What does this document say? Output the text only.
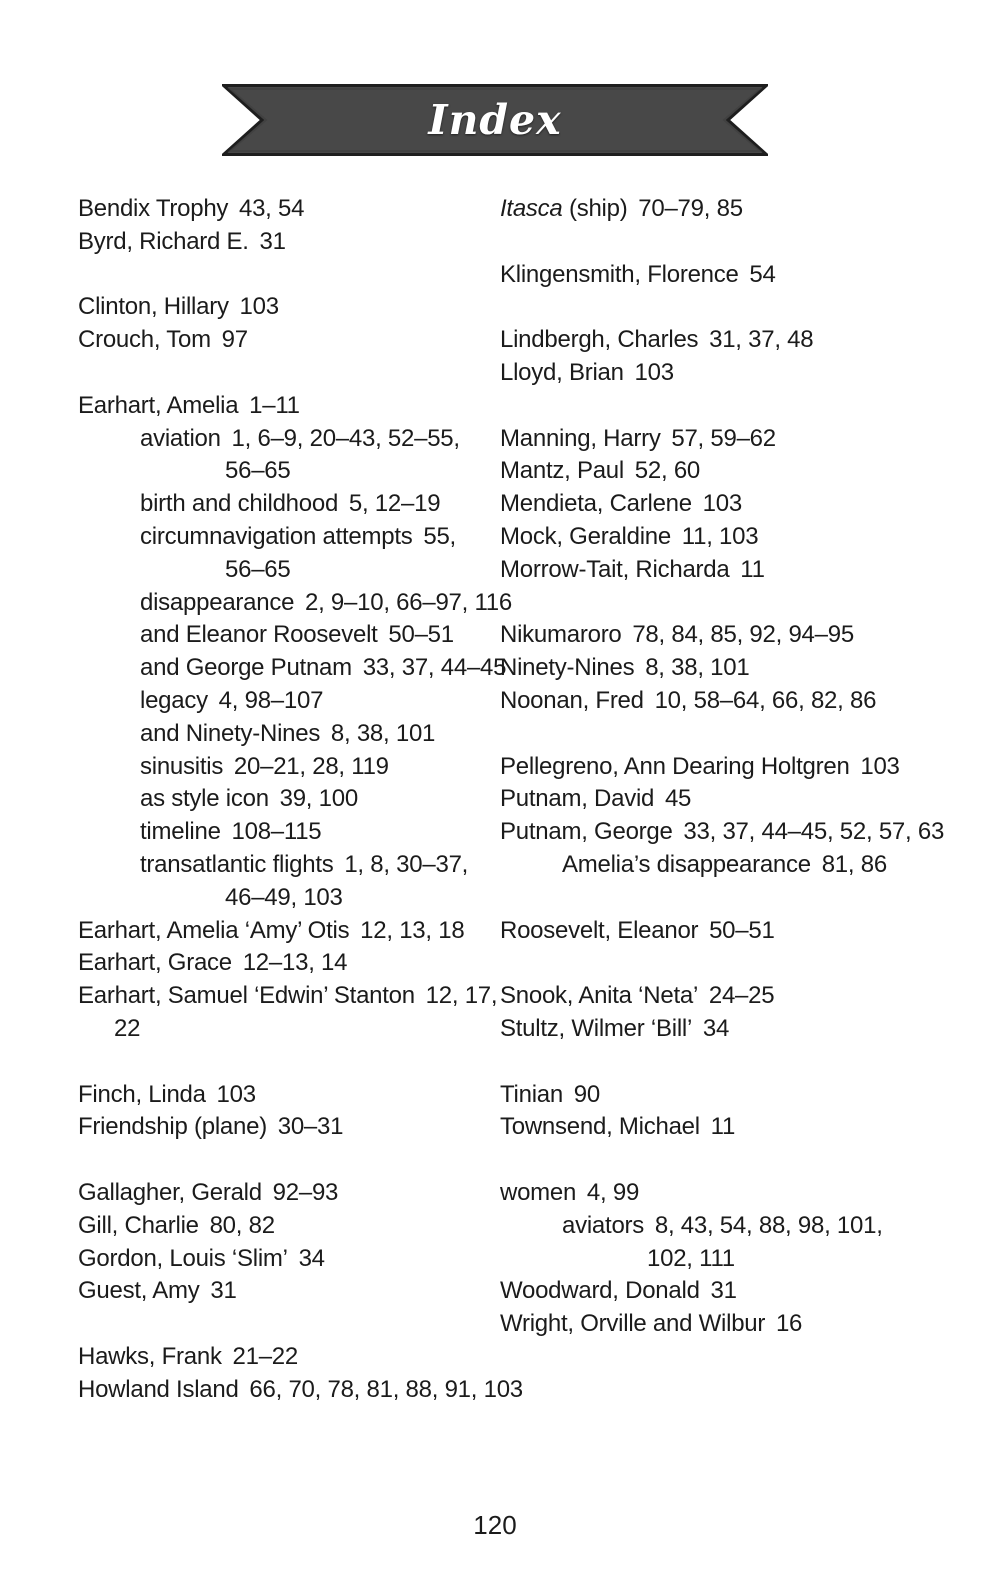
Index
Bendix Trophy 43, 54
Byrd, Richard E. 31

Clinton, Hillary 103
Crouch, Tom 97

Earhart, Amelia 1–11
aviation 1, 6–9, 20–43, 52–55,
56–65
birth and childhood 5, 12–19
circumnavigation attempts 55,
56–65
disappearance 2, 9–10, 66–97, 116
and Eleanor Roosevelt 50–51
and George Putnam 33, 37, 44–45
legacy 4, 98–107
and Ninety-Nines 8, 38, 101
sinusitis 20–21, 28, 119
as style icon 39, 100
timeline 108–115
transatlantic flights 1, 8, 30–37,
46–49, 103
Earhart, Amelia ‘Amy’ Otis 12, 13, 18
Earhart, Grace 12–13, 14
Earhart, Samuel ‘Edwin’ Stanton 12, 17,
22

Finch, Linda 103
Friendship (plane) 30–31

Gallagher, Gerald 92–93
Gill, Charlie 80, 82
Gordon, Louis ‘Slim’ 34
Guest, Amy 31

Hawks, Frank 21–22
Howland Island 66, 70, 78, 81, 88, 91, 103
Itasca (ship) 70–79, 85

Klingensmith, Florence 54

Lindbergh, Charles 31, 37, 48
Lloyd, Brian 103

Manning, Harry 57, 59–62
Mantz, Paul 52, 60
Mendieta, Carlene 103
Mock, Geraldine 11, 103
Morrow-Tait, Richarda 11

Nikumaroro 78, 84, 85, 92, 94–95
Ninety-Nines 8, 38, 101
Noonan, Fred 10, 58–64, 66, 82, 86

Pellegreno, Ann Dearing Holtgren 103
Putnam, David 45
Putnam, George 33, 37, 44–45, 52, 57, 63
Amelia’s disappearance 81, 86

Roosevelt, Eleanor 50–51

Snook, Anita ‘Neta’ 24–25
Stultz, Wilmer ‘Bill’ 34

Tinian 90
Townsend, Michael 11

women 4, 99
aviators 8, 43, 54, 88, 98, 101,
102, 111
Woodward, Donald 31
Wright, Orville and Wilbur 16
120
